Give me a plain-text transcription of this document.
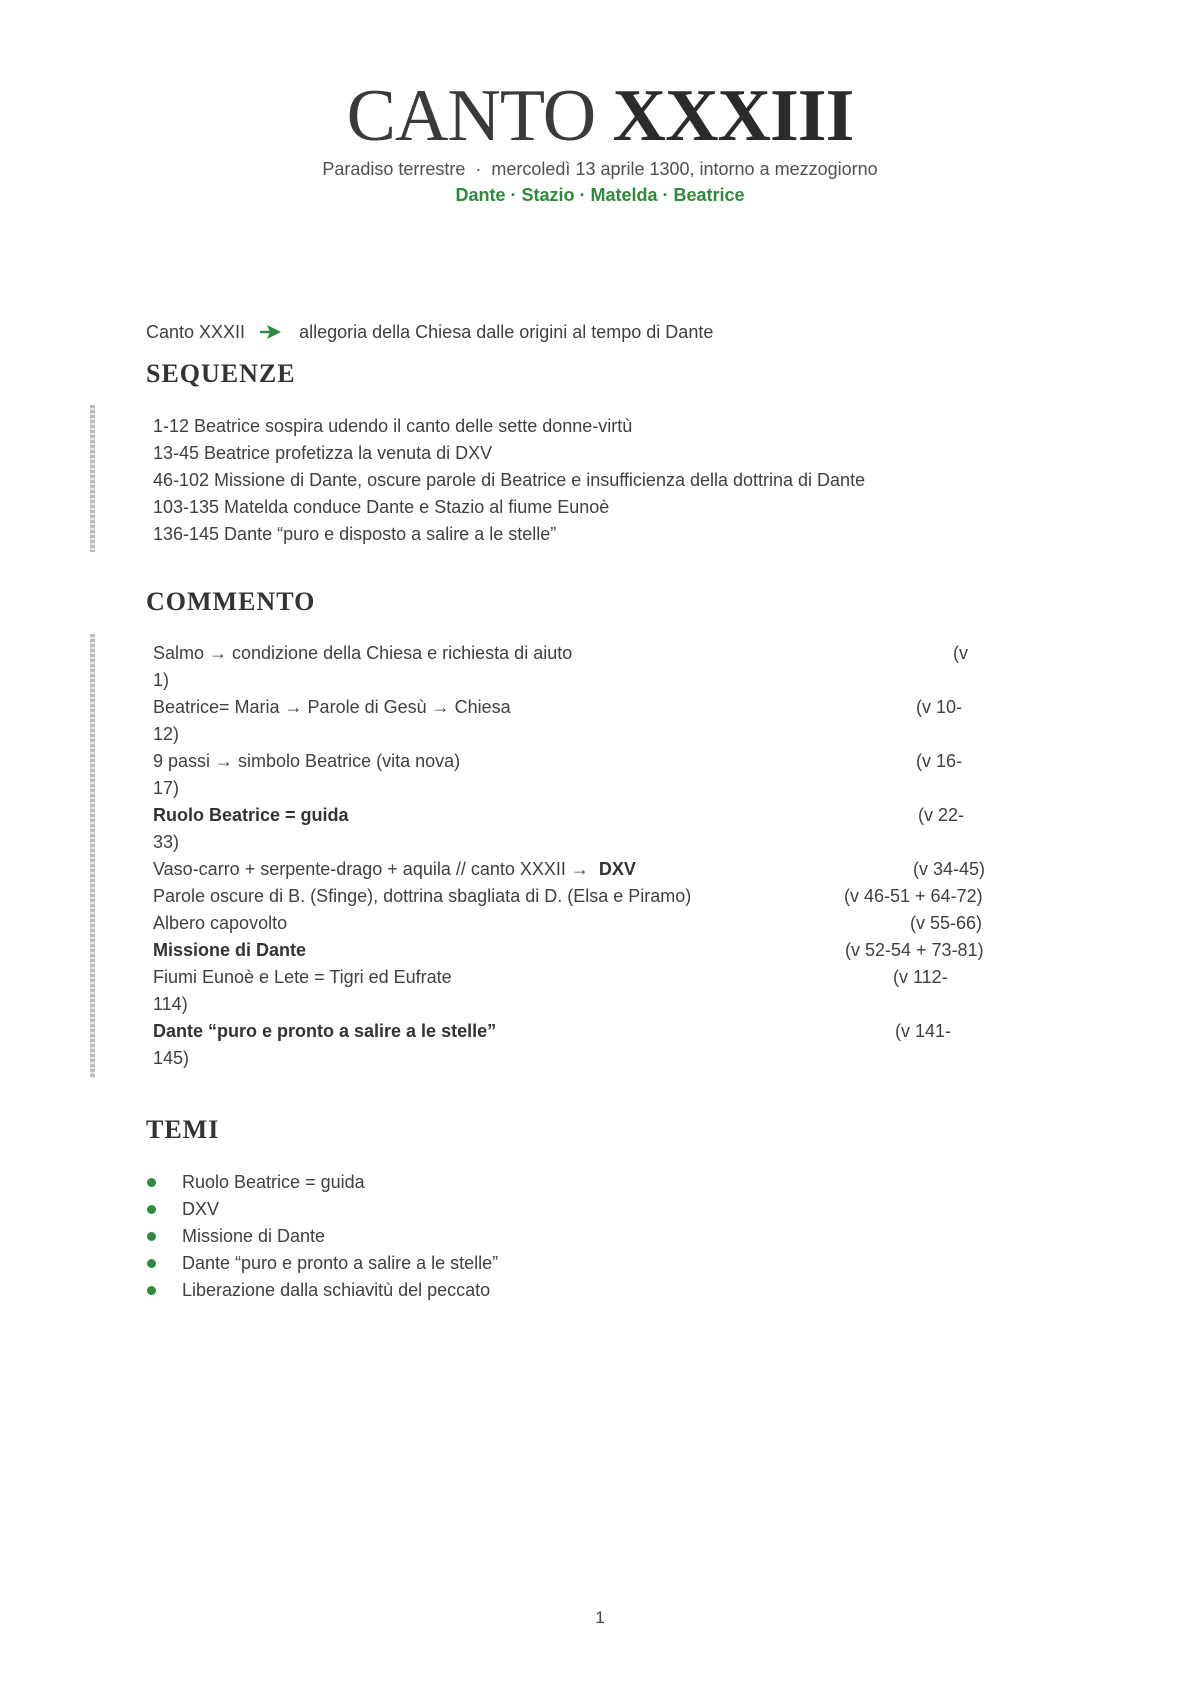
CANTO XXXIII
Paradiso terrestre · mercoledì 13 aprile 1300, intorno a mezzogiorno
Dante · Stazio · Matelda · Beatrice
Canto XXXII	allegoria della Chiesa dalle origini al tempo di Dante
SEQUENZE
1-12 Beatrice sospira udendo il canto delle sette donne-virtù
13-45 Beatrice profetizza la venuta di DXV
46-102 Missione di Dante, oscure parole di Beatrice e insufficienza della dottrina di Dante
103-135 Matelda conduce Dante e Stazio al fiume Eunoè
136-145 Dante “puro e disposto a salire a le stelle”
COMMENTO
Salmo → condizione della Chiesa e richiesta di aiuto	(v
1)
Beatrice= Maria → Parole di Gesù → Chiesa	(v 10-
12)
9 passi → simbolo Beatrice (vita nova)	(v 16-
17)
Ruolo Beatrice = guida	(v 22-
33)
Vaso-carro + serpente-drago + aquila // canto XXXII → DXV	(v 34-45)
Parole oscure di B. (Sfinge), dottrina sbagliata di D. (Elsa e Piramo)	(v 46-51 + 64-72)
Albero capovolto	(v 55-66)
Missione di Dante	(v 52-54 + 73-81)
Fiumi Eunoè e Lete = Tigri ed Eufrate	(v 112-
114)
Dante “puro e pronto a salire a le stelle”	(v 141-
145)
TEMI
Ruolo Beatrice = guida
DXV
Missione di Dante
Dante “puro e pronto a salire a le stelle”
Liberazione dalla schiavitù del peccato
1
